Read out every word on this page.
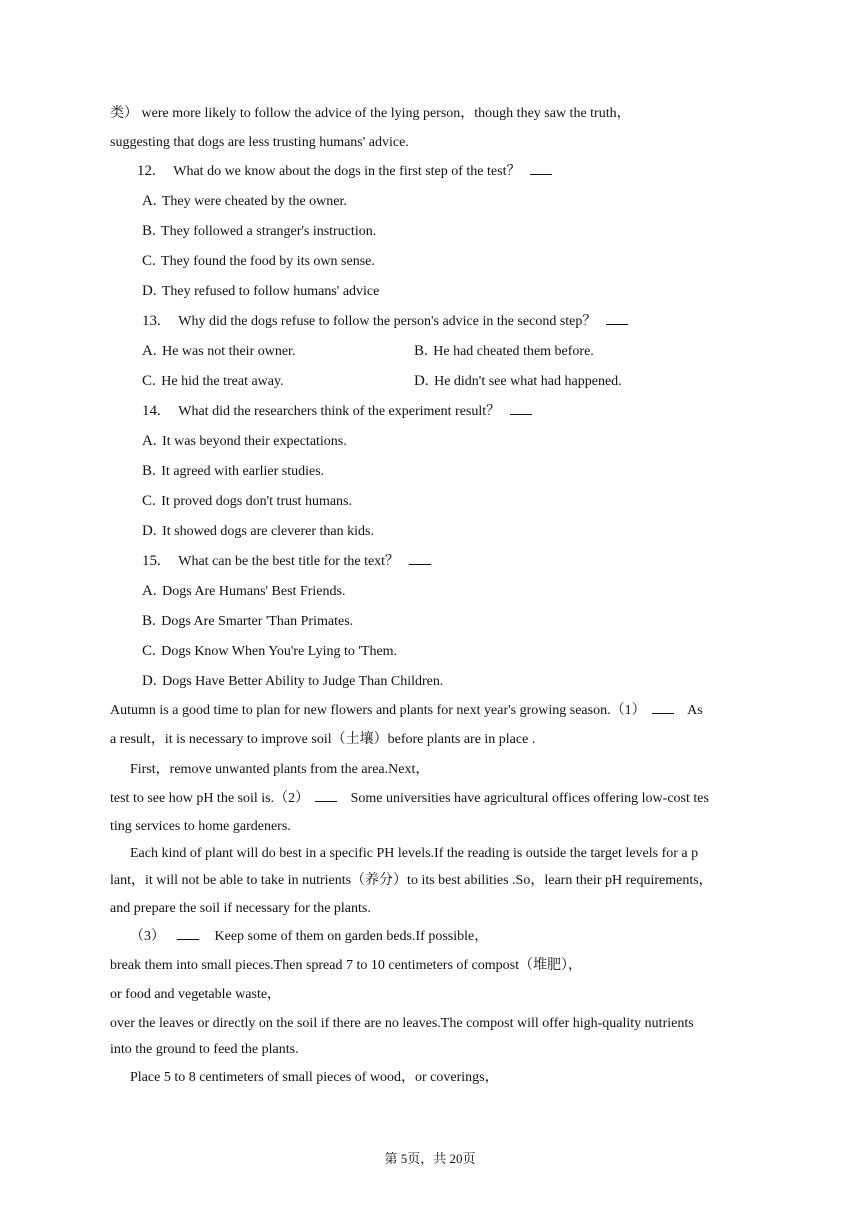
类） were more likely to follow the advice of the lying person，though they saw the truth，
suggesting that dogs are less trusting humans' advice.
12. What do we know about the dogs in the first step of the test？
A. They were cheated by the owner.
B. They followed a stranger's instruction.
C. They found the food by its own sense.
D. They refused to follow humans' advice
13. Why did the dogs refuse to follow the person's advice in the second step？
A. He was not their owner.	B. He had cheated them before.
C. He hid the treat away.	D. He didn't see what had happened.
14. What did the researchers think of the experiment result？
A. It was beyond their expectations.
B. It agreed with earlier studies.
C. It proved dogs don't trust humans.
D. It showed dogs are cleverer than kids.
15. What can be the best title for the text？
A. Dogs Are Humans' Best Friends.
B. Dogs Are Smarter 'Than Primates.
C. Dogs Know When You're Lying to 'Them.
D. Dogs Have Better Ability to Judge Than Children.
Autumn is a good time to plan for new flowers and plants for next year's growing season.（1）	As
a result，it is necessary to improve soil（土壤）before plants are in place .
First，remove unwanted plants from the area.Next，
test to see how pH the soil is.（2）	Some universities have agricultural offices offering low-cost tes
ting services to home gardeners.
Each kind of plant will do best in a specific PH levels.If the reading is outside the target levels for a p
lant，it will not be able to take in nutrients（养分）to its best abilities .So，learn their pH requirements，
and prepare the soil if necessary for the plants.
（3）	Keep some of them on garden beds.If possible，
break them into small pieces.Then spread 7 to 10 centimeters of compost（堆肥），
or food and vegetable waste，
over the leaves or directly on the soil if there are no leaves.The compost will offer high-quality nutrients
into the ground to feed the plants.
Place 5 to 8 centimeters of small pieces of wood，or coverings，
第 5页，共 20页
